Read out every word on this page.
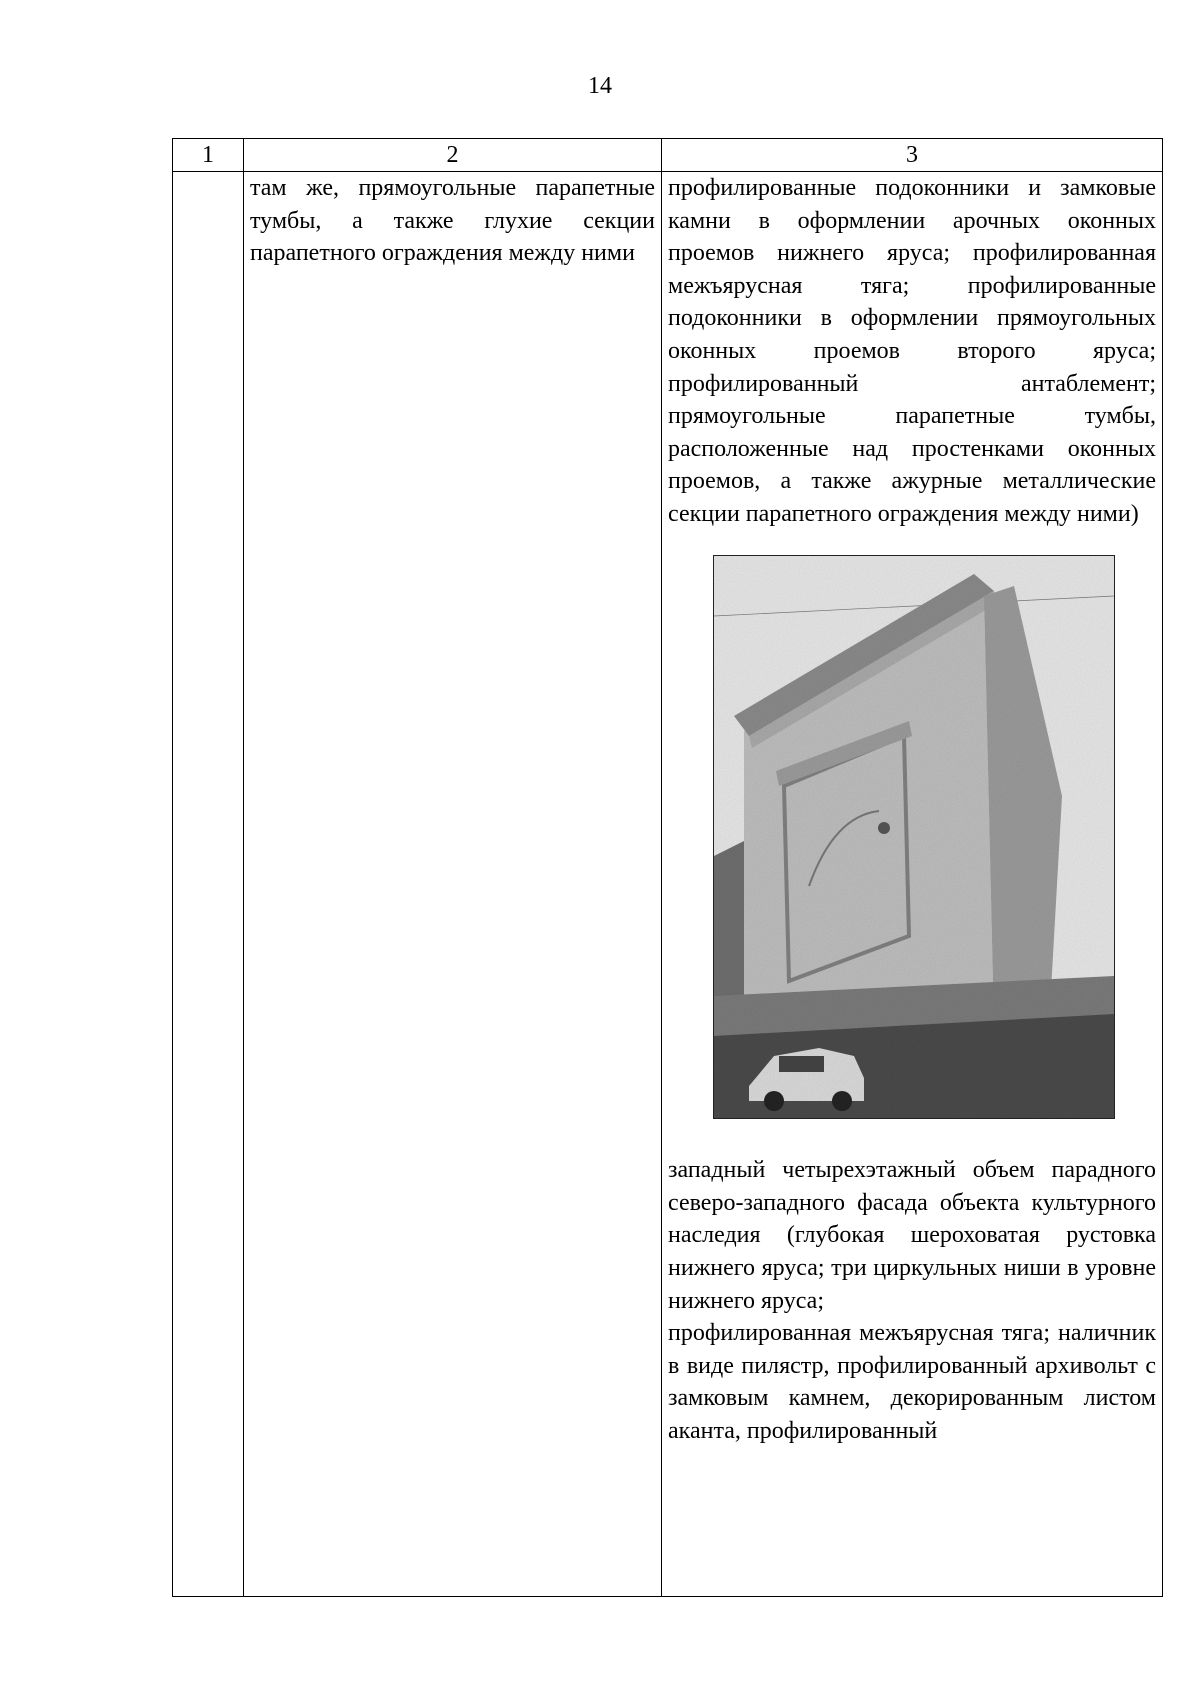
14
1	2	3

	там же, прямоугольные парапетные тумбы, а также глухие секции парапетного ограждения между ними	профилированные подоконники и замковые камни в оформлении арочных оконных проемов нижнего яруса; профилированная межъярусная тяга; профилированные подоконники в оформлении прямоугольных оконных проемов второго яруса; профилированный антаблемент; прямоугольные парапетные тумбы, расположенные над простенками оконных проемов, а также ажурные металлические секции парапетного ограждения между ними)

западный четырехэтажный объем парадного северо-западного фасада объекта культурного наследия (глубокая шероховатая рустовка нижнего яруса; три циркульных ниши в уровне нижнего яруса;

профилированная межъярусная тяга; наличник в виде пилястр, профилированный архивольт с замковым камнем, декорированным листом аканта, профилированный
